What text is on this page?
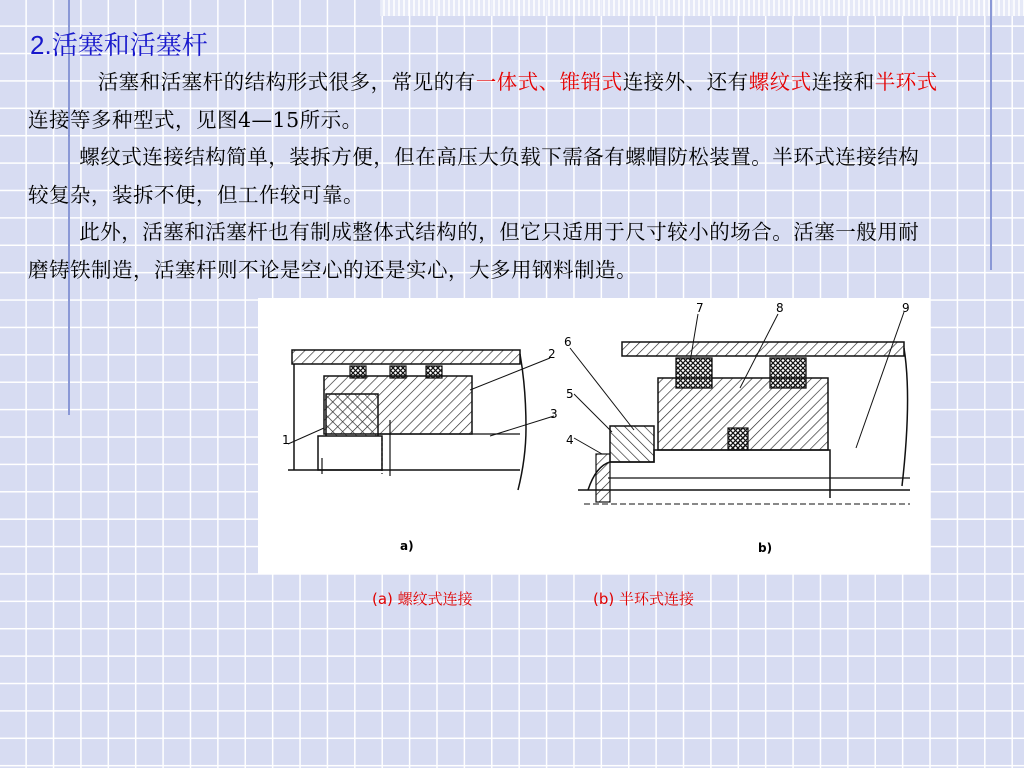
2.活塞和活塞杆

活塞和活塞杆的结构形式很多，常见的有一体式、锥销式连接外、还有螺纹式连接和半环式连接等多种型式，见图4—15所示。

螺纹式连接结构简单，装拆方便，但在高压大负载下需备有螺帽防松装置。半环式连接结构较复杂，装拆不便，但工作较可靠。

此外，活塞和活塞杆也有制成整体式结构的，但它只适用于尺寸较小的场合。活塞一般用耐磨铸铁制造，活塞杆则不论是空心的还是实心，大多用钢料制造。

1
2
3
a)
4
5
6
7	8	9
b)
(a) 螺纹式连接	(b) 半环式连接
